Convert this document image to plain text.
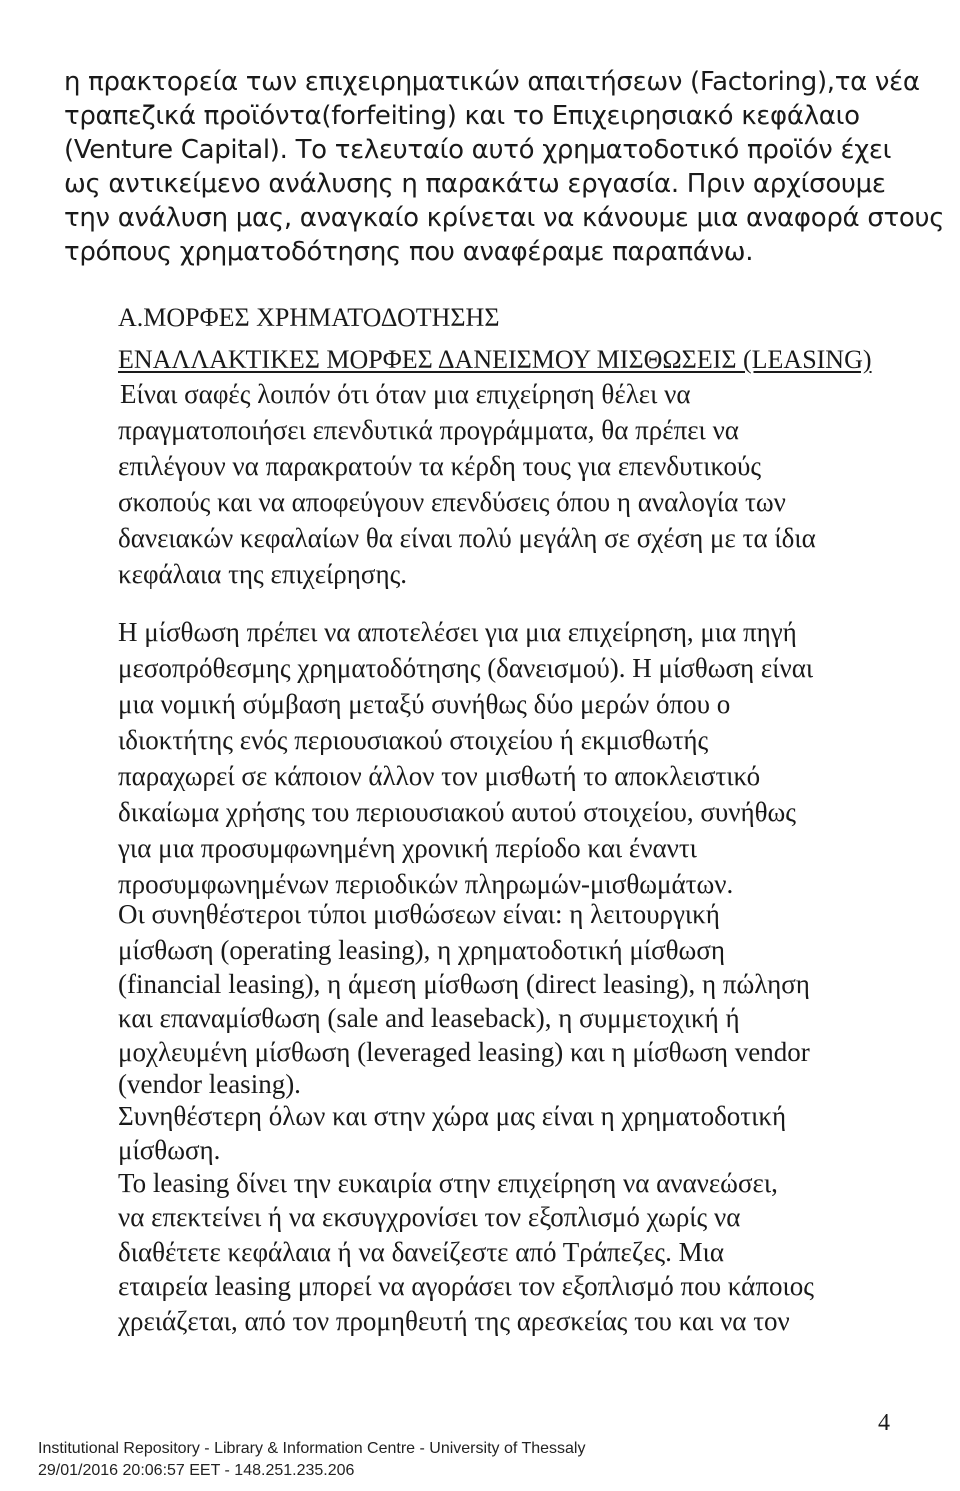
η πρακτορεία των επιχειρηματικών απαιτήσεων (Factoring),τα νέα
τραπεζικά προϊόντα(forfeiting) και το Επιχειρησιακό κεφάλαιο
(Venture Capital). Το τελευταίο αυτό χρηματοδοτικό προϊόν έχει
ως αντικείμενο ανάλυσης η παρακάτω εργασία. Πριν αρχίσουμε
την ανάλυση μας, αναγκαίο κρίνεται να κάνουμε μια αναφορά στους
τρόπους χρηματοδότησης που αναφέραμε παραπάνω.
Α.ΜΟΡΦΕΣ ΧΡΗΜΑΤΟΔΟΤΗΣΗΣ
ΕΝΑΛΛΑΚΤΙΚΕΣ ΜΟΡΦΕΣ ΔΑΝΕΙΣΜΟΥ ΜΙΣΘΩΣΕΙΣ (LEASING)
Είναι σαφές λοιπόν ότι όταν μια επιχείρηση θέλει να
πραγματοποιήσει επενδυτικά προγράμματα, θα πρέπει να
επιλέγουν να παρακρατούν τα κέρδη τους για επενδυτικούς
σκοπούς και να αποφεύγουν επενδύσεις όπου η αναλογία των
δανειακών κεφαλαίων θα είναι πολύ μεγάλη σε σχέση με τα ίδια
κεφάλαια της επιχείρησης.
Η μίσθωση πρέπει να αποτελέσει για μια επιχείρηση, μια πηγή
μεσοπρόθεσμης χρηματοδότησης (δανεισμού). Η μίσθωση είναι
μια νομική σύμβαση μεταξύ συνήθως δύο μερών όπου ο
ιδιοκτήτης ενός περιουσιακού στοιχείου ή εκμισθωτής
παραχωρεί σε κάποιον άλλον τον μισθωτή το αποκλειστικό
δικαίωμα χρήσης του περιουσιακού αυτού στοιχείου, συνήθως
για μια προσυμφωνημένη χρονική περίοδο και έναντι
προσυμφωνημένων περιοδικών πληρωμών-μισθωμάτων.
Οι συνηθέστεροι τύποι μισθώσεων είναι: η λειτουργική
μίσθωση (operating leasing), η χρηματοδοτική μίσθωση
(financial leasing), η άμεση μίσθωση (direct leasing), η πώληση
και επαναμίσθωση (sale and leaseback), η συμμετοχική ή
μοχλευμένη μίσθωση (leveraged leasing) και η μίσθωση vendor
(vendor leasing).
Συνηθέστερη όλων και στην χώρα μας είναι η χρηματοδοτική
μίσθωση.
Το leasing δίνει την ευκαιρία στην επιχείρηση να ανανεώσει,
να επεκτείνει ή να εκσυγχρονίσει τον εξοπλισμό χωρίς να
διαθέτετε κεφάλαια ή να δανείζεστε από Τράπεζες. Μια
εταιρεία leasing μπορεί να αγοράσει τον εξοπλισμό που κάποιος
χρειάζεται, από τον προμηθευτή της αρεσκείας του και να τον
4
Institutional Repository - Library & Information Centre - University of Thessaly
29/01/2016 20:06:57 EET - 148.251.235.206
